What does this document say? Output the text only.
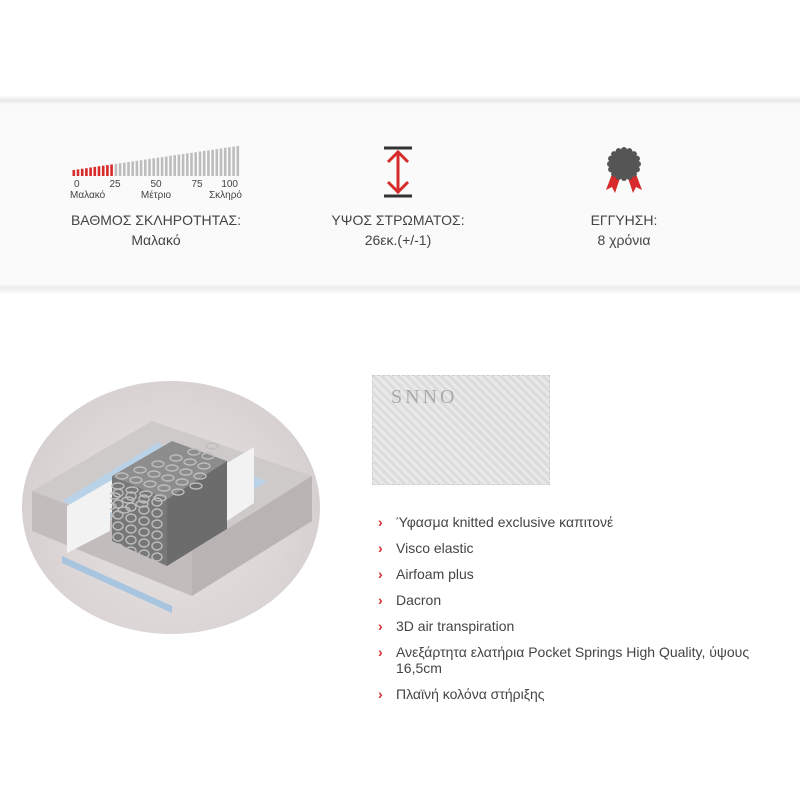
0	25	50	75 100
Μαλακό	Μέτριο	Σκληρό
ΒΑΘΜΟΣ ΣΚΛΗΡΟΤΗΤΑΣ:
Μαλακό
ΥΨΟΣ ΣΤΡΩΜΑΤΟΣ:
26εκ.(+/-1)
ΕΓΓΥΗΣΗ:
8 χρόνια
SNNO
› Ύφασμα knitted exclusive καπιτονέ
› Visco elastic
› Airfoam plus
› Dacron
› 3D air transpiration
› Ανεξάρτητα ελατήρια Pocket Springs High Quality, ύψους 16,5cm
› Πλαϊνή κολόνα στήριξης
